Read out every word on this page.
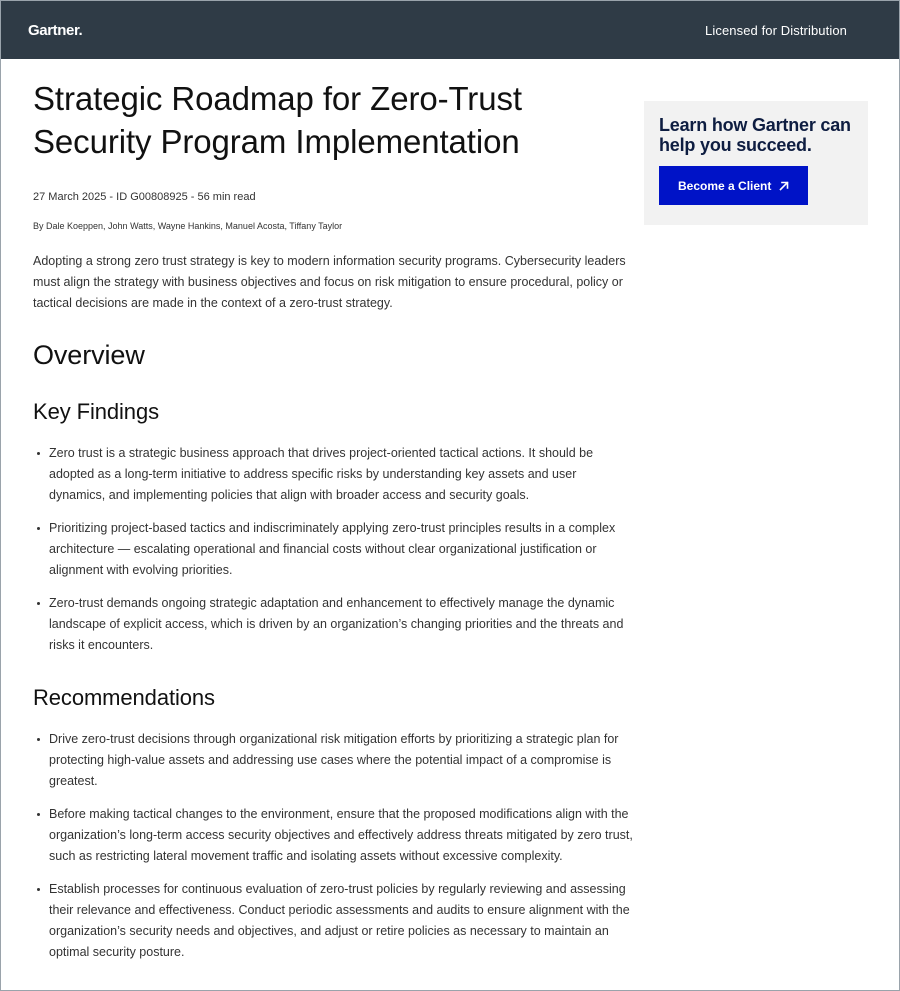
Gartner.	Licensed for Distribution
Strategic Roadmap for Zero-Trust
Security Program Implementation
27 March 2025 - ID G00808925 - 56 min read
By Dale Koeppen, John Watts, Wayne Hankins, Manuel Acosta, Tiffany Taylor

Adopting a strong zero trust strategy is key to modern information security programs. Cybersecurity leaders must align the strategy with business objectives and focus on risk mitigation to ensure procedural, policy or tactical decisions are made in the context of a zero-trust strategy.

Overview
Key Findings
Zero trust is a strategic business approach that drives project-oriented tactical actions. It should be adopted as a long-term initiative to address specific risks by understanding key assets and user dynamics, and implementing policies that align with broader access and security goals.
Prioritizing project-based tactics and indiscriminately applying zero-trust principles results in a complex architecture — escalating operational and financial costs without clear organizational justification or alignment with evolving priorities.
Zero-trust demands ongoing strategic adaptation and enhancement to effectively manage the dynamic landscape of explicit access, which is driven by an organization’s changing priorities and the threats and risks it encounters.
Recommendations
Drive zero-trust decisions through organizational risk mitigation efforts by prioritizing a strategic plan for protecting high-value assets and addressing use cases where the potential impact of a compromise is greatest.
Before making tactical changes to the environment, ensure that the proposed modifications align with the organization’s long-term access security objectives and effectively address threats mitigated by zero trust, such as restricting lateral movement traffic and isolating assets without excessive complexity.
Establish processes for continuous evaluation of zero-trust policies by regularly reviewing and assessing their relevance and effectiveness. Conduct periodic assessments and audits to ensure alignment with the organization’s security needs and objectives, and adjust or retire policies as necessary to maintain an optimal security posture.
Learn how Gartner can
help you succeed.
Become a Client
